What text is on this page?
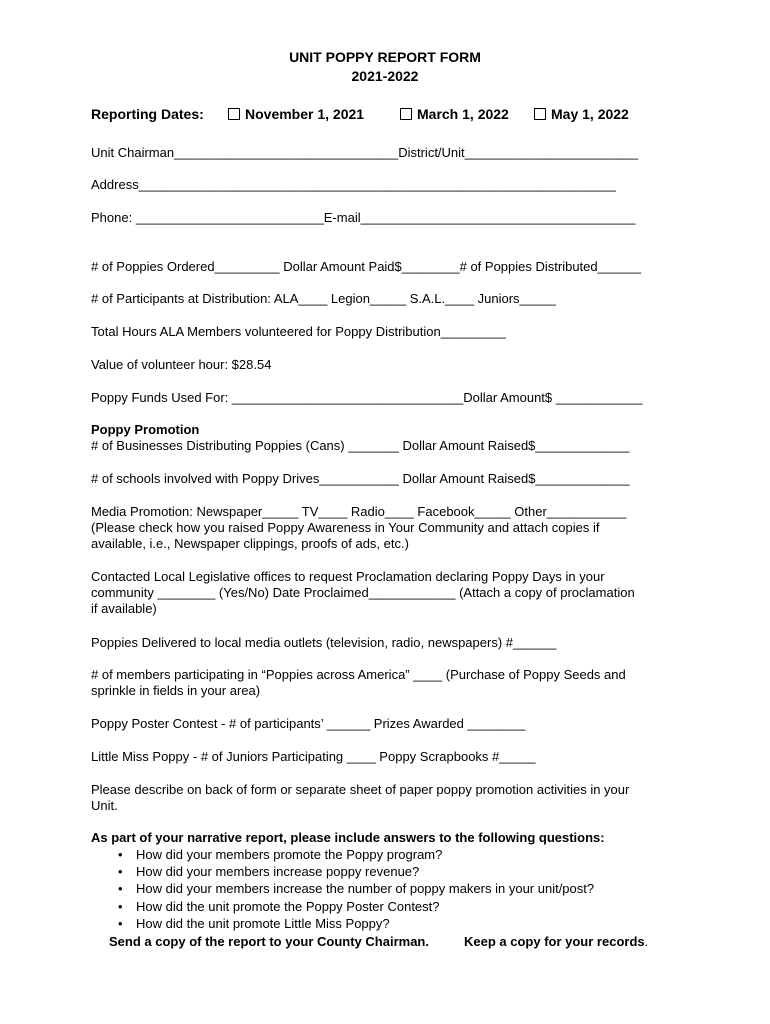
UNIT POPPY REPORT FORM
2021-2022
Reporting Dates:	November 1, 2021	March 1, 2022	May 1, 2022
Unit Chairman_______________________________District/Unit________________________
Address__________________________________________________________________
Phone: __________________________E-mail______________________________________
# of Poppies Ordered_________ Dollar Amount Paid$________# of Poppies Distributed______
# of Participants at Distribution: ALA____ Legion_____ S.A.L.____ Juniors_____
Total Hours ALA Members volunteered for Poppy Distribution_________
Value of volunteer hour: $28.54
Poppy Funds Used For: ________________________________Dollar Amount$ ____________
Poppy Promotion
# of Businesses Distributing Poppies (Cans) _______ Dollar Amount Raised$_____________
# of schools involved with Poppy Drives___________ Dollar Amount Raised$_____________
Media Promotion: Newspaper_____ TV____ Radio____ Facebook_____ Other___________
(Please check how you raised Poppy Awareness in Your Community and attach copies if
available, i.e., Newspaper clippings, proofs of ads, etc.)
Contacted Local Legislative offices to request Proclamation declaring Poppy Days in your
community ________ (Yes/No) Date Proclaimed____________ (Attach a copy of proclamation
if available)
Poppies Delivered to local media outlets (television, radio, newspapers) #______
# of members participating in “Poppies across America” ____ (Purchase of Poppy Seeds and
sprinkle in fields in your area)
Poppy Poster Contest - # of participants’ ______ Prizes Awarded ________
Little Miss Poppy - # of Juniors Participating ____ Poppy Scrapbooks #_____
Please describe on back of form or separate sheet of paper poppy promotion activities in your
Unit.
As part of your narrative report, please include answers to the following questions:
• How did your members promote the Poppy program?
• How did your members increase poppy revenue?
• How did your members increase the number of poppy makers in your unit/post?
• How did the unit promote the Poppy Poster Contest?
• How did the unit promote Little Miss Poppy?
Send a copy of the report to your County Chairman.	Keep a copy for your records.
